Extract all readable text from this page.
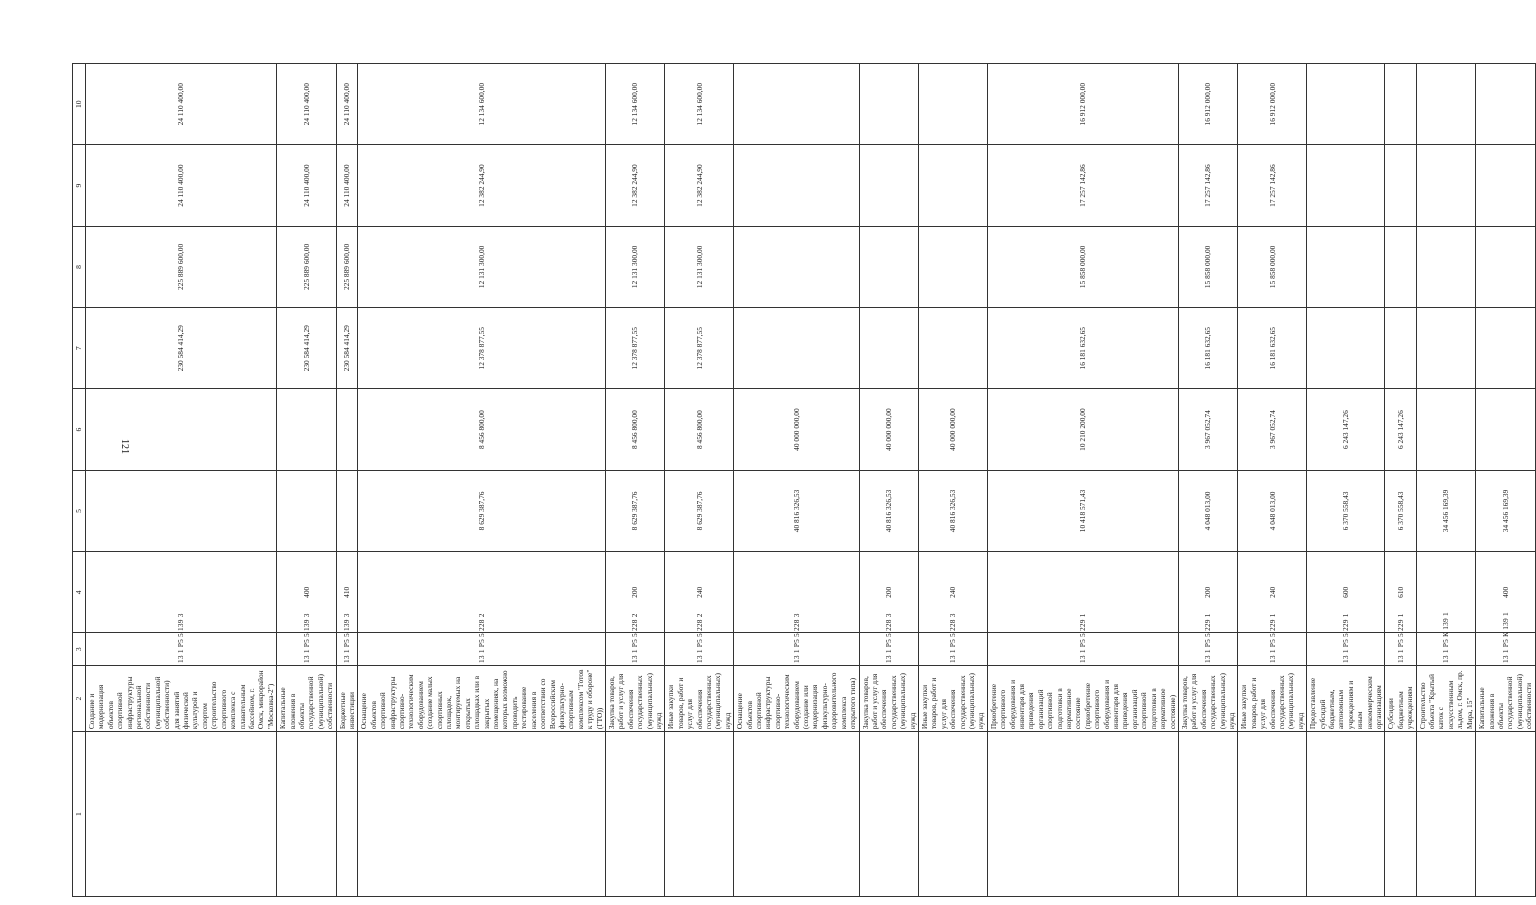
121
1	2	3	4	5	6	7	8	9	10
	Создание и модернизация объектов спортивной инфраструктуры региональной собственности (муниципальной собственности) для занятий физической культурой и спортом (строительство спортивного комплекса с плавательным бассейном, г. Омск, микрорайон "Московка-2")	13 1 Р5 5 139 3				230 584 414,29	225 889 600,00	24 110 400,00	24 110 400,00
	Капитальные вложения в объекты государственной (муниципальной) собственности	13 1 Р5 5 139 3	400			230 584 414,29	225 889 600,00	24 110 400,00	24 110 400,00
	Бюджетные инвестиции	13 1 Р5 5 139 3	410			230 584 414,29	225 889 600,00	24 110 400,00	24 110 400,00
	Оснащение объектов спортивной инфраструктуры спортивно-технологическим оборудованием (создание малых спортивных площадок, монтируемых на открытых площадках или в закрытых помещениях, на которых возможно проводить тестирование населения в соответствии со Всероссийским физкультурно-спортивным комплексом "Готов к труду и обороне" (ГТО))	13 1 Р5 5 228 2		8 629 387,76	8 456 800,00	12 378 877,55	12 131 300,00	12 382 244,90	12 134 600,00
	Закупка товаров, работ и услуг для обеспечения государственных (муниципальных) нужд	13 1 Р5 5 228 2	200	8 629 387,76	8 456 800,00	12 378 877,55	12 131 300,00	12 382 244,90	12 134 600,00
	Иные закупки товаров, работ и услуг для обеспечения государственных (муниципальных) нужд	13 1 Р5 5 228 2	240	8 629 387,76	8 456 800,00	12 378 877,55	12 131 300,00	12 382 244,90	12 134 600,00
	Оснащение объектов спортивной инфраструктуры спортивно-технологическим оборудованием (создание или модернизация физкультурно-оздоровительного комплекса открытого типа)	13 1 Р5 5 228 3		40 816 326,53	40 000 000,00				
	Закупка товаров, работ и услуг для обеспечения государственных (муниципальных) нужд	13 1 Р5 5 228 3	200	40 816 326,53	40 000 000,00				
	Иные закупки товаров, работ и услуг для обеспечения государственных (муниципальных) нужд	13 1 Р5 5 228 3	240	40 816 326,53	40 000 000,00				
	Приобретение спортивного оборудования и инвентаря для приведения организаций спортивной подготовки в нормативное состояние (приобретение спортивного оборудования и инвентаря для приведения организаций спортивной подготовки в нормативное состояние)	13 1 Р5 5 229 1		10 418 571,43	10 210 200,00	16 181 632,65	15 858 000,00	17 257 142,86	16 912 000,00
	Закупка товаров, работ и услуг для обеспечения государственных (муниципальных) нужд	13 1 Р5 5 229 1	200	4 048 013,00	3 967 052,74	16 181 632,65	15 858 000,00	17 257 142,86	16 912 000,00
	Иные закупки товаров, работ и услуг для обеспечения государственных (муниципальных) нужд	13 1 Р5 5 229 1	240	4 048 013,00	3 967 052,74	16 181 632,65	15 858 000,00	17 257 142,86	16 912 000,00
	Предоставление субсидий бюджетным, автономным учреждениям и иным некоммерческим организациям	13 1 Р5 5 229 1	600	6 370 558,43	6 243 147,26				
	Субсидии бюджетным учреждениям	13 1 Р5 5 229 1	610	6 370 558,43	6 243 147,26				
	Строительство объекта "Крытый каток с искусственным льдом, г. Омск, пр. Мира, 15"	13 1 Р5 К 139 1		34 456 169,39					
	Капитальные вложения в объекты государственной (муниципальной) собственности	13 1 Р5 К 139 1	400	34 456 169,39					
